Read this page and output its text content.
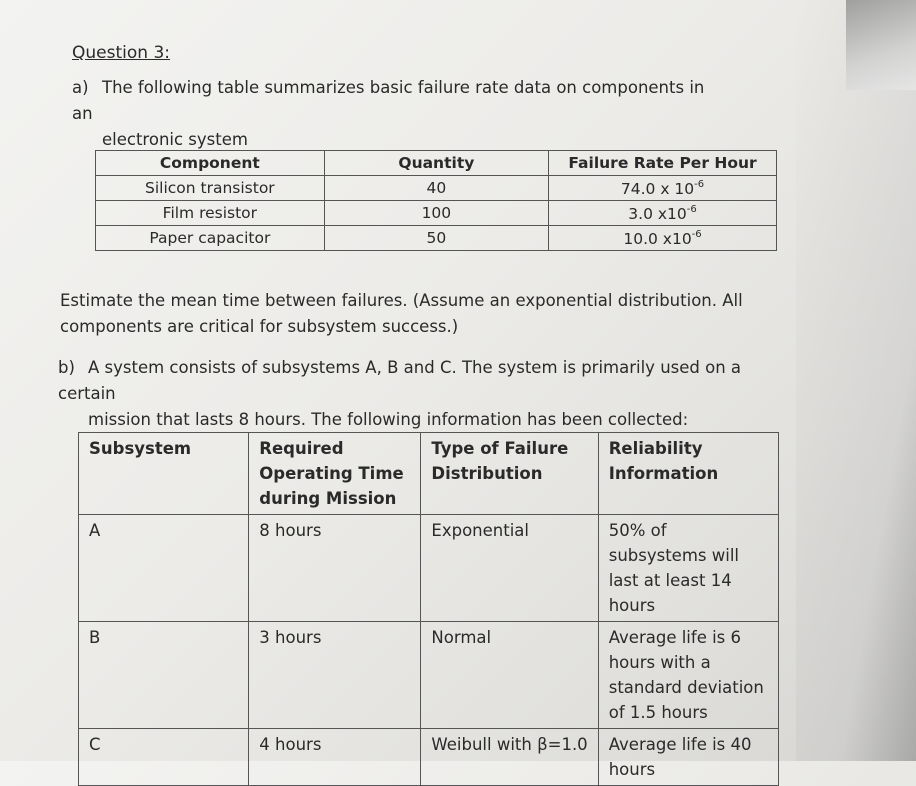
Question 3:
a) The following table summarizes basic failure rate data on components in an
electronic system
Component	Quantity	Failure Rate Per Hour
Silicon transistor	40	74.0 x $10^{-6}$
Film resistor	100	3.0 $x10^{-6}$
Paper capacitor	50	10.0 $x10^{-6}$
Estimate the mean time between failures. (Assume an exponential distribution. All
components are critical for subsystem success.)
b) A system consists of subsystems A, B and C. The system is primarily used on a certain
mission that lasts 8 hours. The following information has been collected:
Subsystem	Required Operating Time during Mission	Type of Failure Distribution	Reliability Information
A	8 hours	Exponential	50% of subsystems will last at least 14 hours
B	3 hours	Normal	Average life is 6 hours with a standard deviation of 1.5 hours
C	4 hours	Weibull with β=1.0	Average life is 40 hours
